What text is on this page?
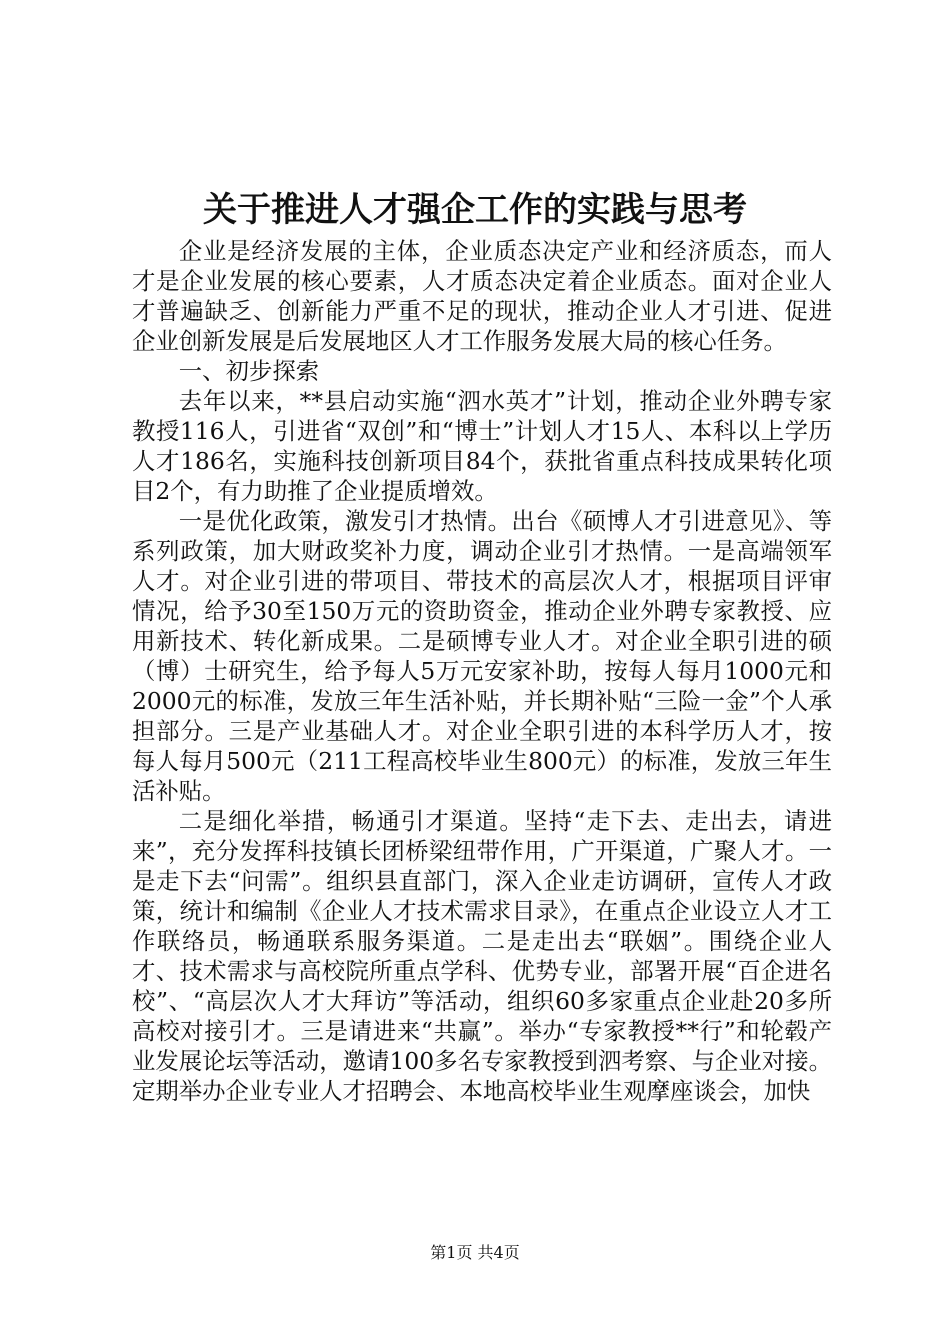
关于推进人才强企工作的实践与思考

企业是经济发展的主体，企业质态决定产业和经济质态，而人才是企业发展的核心要素，人才质态决定着企业质态。面对企业人才普遍缺乏、创新能力严重不足的现状，推动企业人才引进、促进企业创新发展是后发展地区人才工作服务发展大局的核心任务。

一、初步探索

去年以来，**县启动实施“泗水英才”计划，推动企业外聘专家教授116人，引进省“双创”和“博士”计划人才15人、本科以上学历人才186名，实施科技创新项目84个，获批省重点科技成果转化项目2个，有力助推了企业提质增效。

一是优化政策，激发引才热情。出台《硕博人才引进意见》、等系列政策，加大财政奖补力度，调动企业引才热情。一是高端领军人才。对企业引进的带项目、带技术的高层次人才，根据项目评审情况，给予30至150万元的资助资金，推动企业外聘专家教授、应用新技术、转化新成果。二是硕博专业人才。对企业全职引进的硕（博）士研究生，给予每人5万元安家补助，按每人每月1000元和2000元的标准，发放三年生活补贴，并长期补贴“三险一金”个人承担部分。三是产业基础人才。对企业全职引进的本科学历人才，按每人每月500元（211工程高校毕业生800元）的标准，发放三年生活补贴。

二是细化举措，畅通引才渠道。坚持“走下去、走出去，请进来”，充分发挥科技镇长团桥梁纽带作用，广开渠道，广聚人才。一是走下去“问需”。组织县直部门，深入企业走访调研，宣传人才政策，统计和编制《企业人才技术需求目录》，在重点企业设立人才工作联络员，畅通联系服务渠道。二是走出去“联姻”。围绕企业人才、技术需求与高校院所重点学科、优势专业，部署开展“百企进名校”、“高层次人才大拜访”等活动，组织60多家重点企业赴20多所高校对接引才。三是请进来“共赢”。举办“专家教授**行”和轮毂产业发展论坛等活动，邀请100多名专家教授到泗考察、与企业对接。定期举办企业专业人才招聘会、本地高校毕业生观摩座谈会，加快

第1页 共4页
